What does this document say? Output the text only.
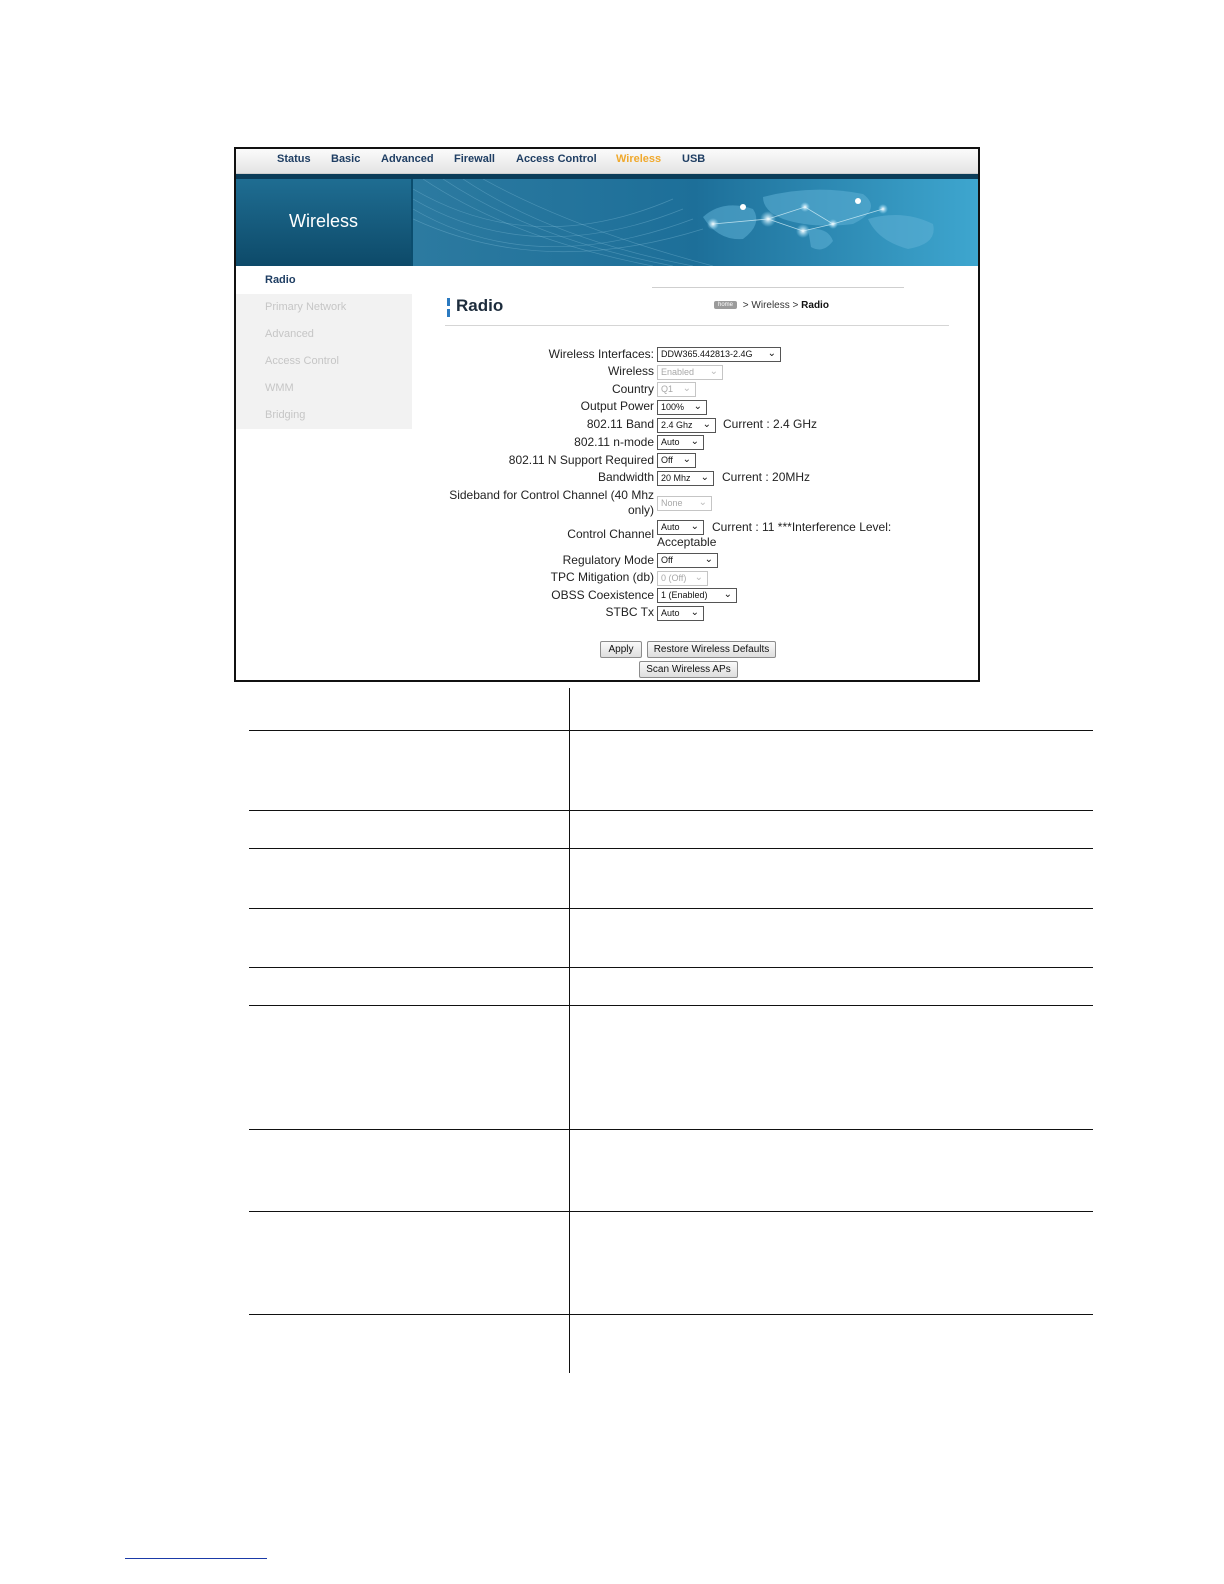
Status Basic Advanced Firewall Access Control Wireless USB
Wireless
Radio
Primary Network
Advanced
Access Control
WMM
Bridging
Radio	home > Wireless > Radio
Wireless Interfaces: DDW365.442813-2.4G ⌄
Wireless Enabled ⌄
Country Q1 ⌄
Output Power 100% ⌄
802.11 Band 2.4 Ghz ⌄ Current : 2.4 GHz
802.11 n-mode Auto ⌄
802.11 N Support Required Off ⌄
Bandwidth 20 Mhz ⌄ Current : 20MHz
Sideband for Control Channel (40 Mhz
only) None ⌄
Control Channel Auto ⌄ Current : 11 ***Interference Level:
Acceptable
Regulatory Mode Off	⌄
TPC Mitigation (db) 0 (Off) ⌄
OBSS Coexistence 1 (Enabled) ⌄
STBC Tx Auto ⌄
Apply	Restore Wireless Defaults
Scan Wireless APs
